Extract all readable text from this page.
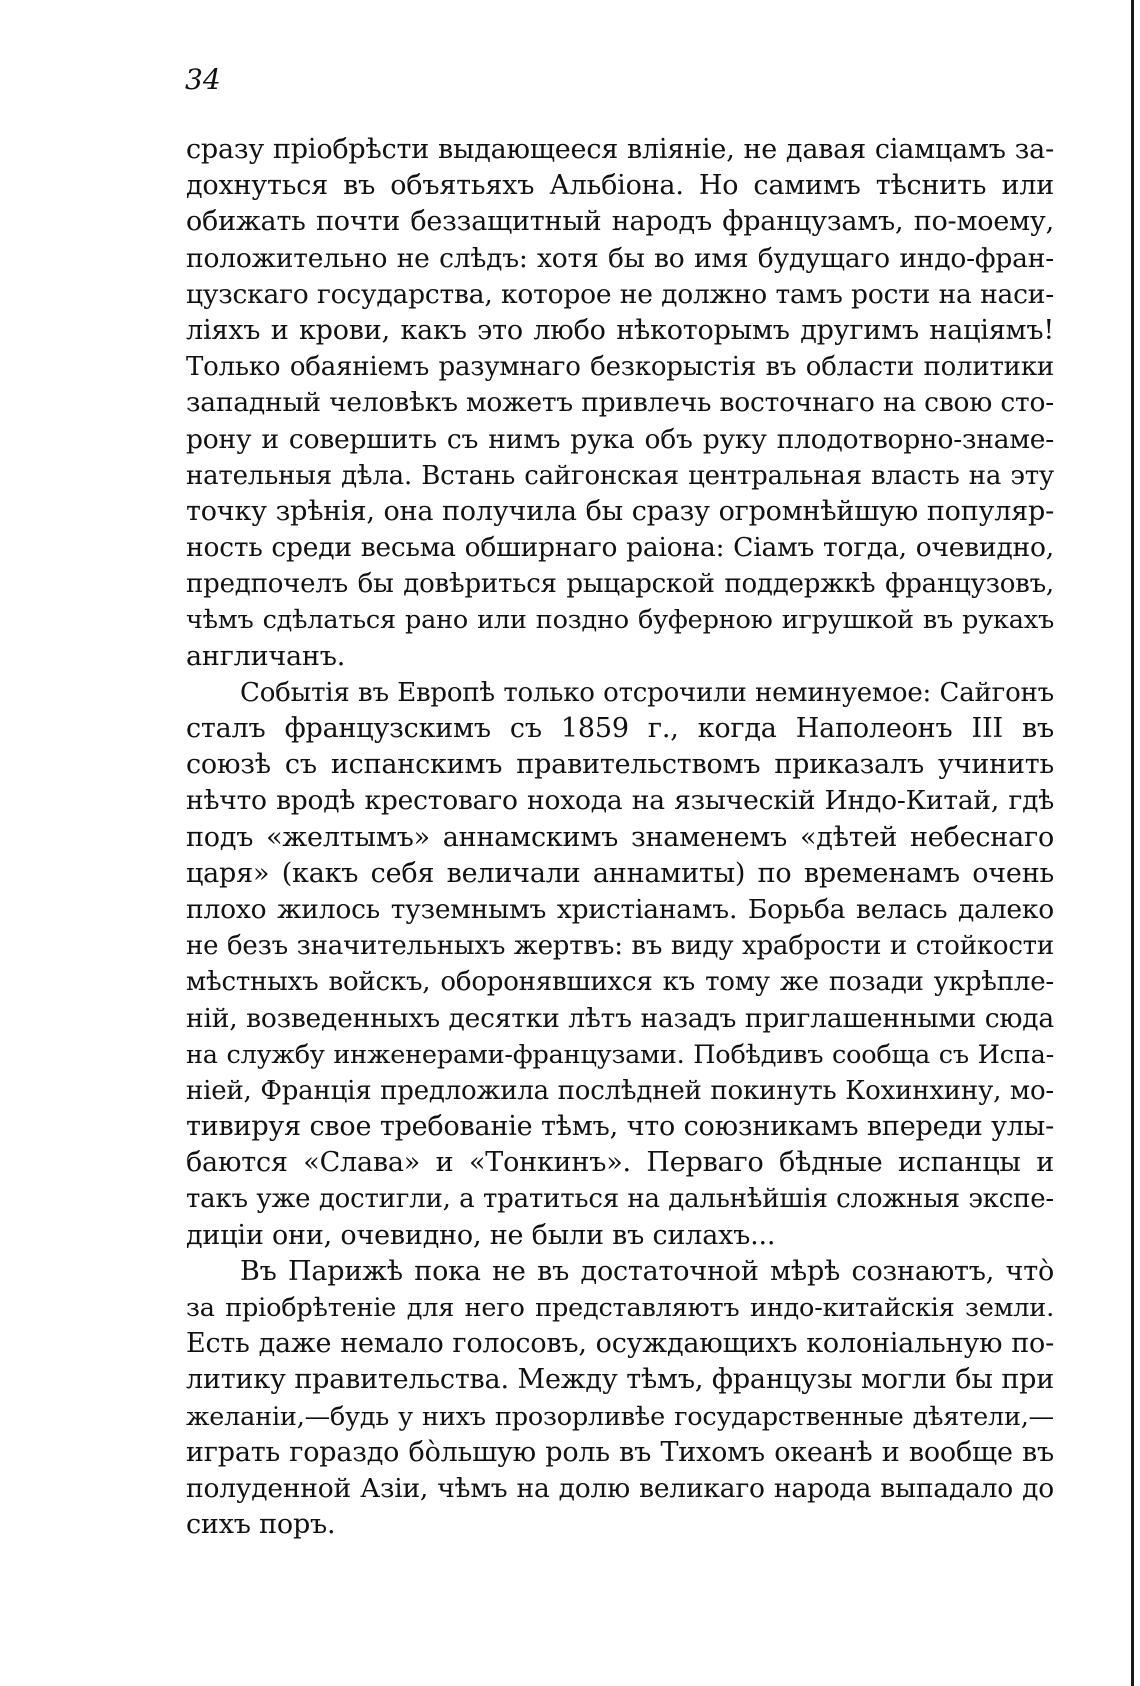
34
сразу пріобрѣсти выдающееся вліяніе, не давая сіамцамъ за-
дохнуться въ объятьяхъ Альбіона. Но самимъ тѣснить или
обижать почти беззащитный народъ французамъ, по-моему,
положительно не слѣдъ: хотя бы во имя будущаго индо-фран-
цузскаго государства, которое не должно тамъ рости на наси-
ліяхъ и крови, какъ это любо нѣкоторымъ другимъ націямъ!
Только обаяніемъ разумнаго безкорыстія въ области политики
западный человѣкъ можетъ привлечь восточнаго на свою сто-
рону и совершить съ нимъ рука объ руку плодотворно-знаме-
нательныя дѣла. Встань сайгонская центральная власть на эту
точку зрѣнія, она получила бы сразу огромнѣйшую популяр-
ность среди весьма обширнаго раіона: Сіамъ тогда, очевидно,
предпочелъ бы довѣриться рыцарской поддержкѣ французовъ,
чѣмъ сдѣлаться рано или поздно буферною игрушкой въ рукахъ
англичанъ.
Событія въ Европѣ только отсрочили неминуемое: Сайгонъ
сталъ французскимъ съ 1859 г., когда Наполеонъ III въ
союзѣ съ испанскимъ правительствомъ приказалъ учинить
нѣчто вродѣ крестоваго нохода на языческій Индо-Китай, гдѣ
подъ «желтымъ» аннамскимъ знаменемъ «дѣтей небеснаго
царя» (какъ себя величали аннамиты) по временамъ очень
плохо жилось туземнымъ христіанамъ. Борьба велась далеко
не безъ значительныхъ жертвъ: въ виду храбрости и стойкости
мѣстныхъ войскъ, оборонявшихся къ тому же позади укрѣпле-
ній, возведенныхъ десятки лѣтъ назадъ приглашенными сюда
на службу инженерами-французами. Побѣдивъ сообща съ Испа-
ніей, Франція предложила послѣдней покинуть Кохинхину, мо-
тивируя свое требованіе тѣмъ, что союзникамъ впереди улы-
баются «Слава» и «Тонкинъ». Перваго бѣдные испанцы и
такъ уже достигли, а тратиться на дальнѣйшія сложныя экспе-
диціи они, очевидно, не были въ силахъ...
Въ Парижѣ пока не въ достаточной мѣрѣ сознаютъ, что̀
за пріобрѣтеніе для него представляютъ индо-китайскія земли.
Есть даже немало голосовъ, осуждающихъ колоніальную по-
литику правительства. Между тѣмъ, французы могли бы при
желаніи,—будь у нихъ прозорливѣе государственные дѣятели,—
играть гораздо бо̀льшую роль въ Тихомъ океанѣ и вообще въ
полуденной Азіи, чѣмъ на долю великаго народа выпадало до
сихъ поръ.
